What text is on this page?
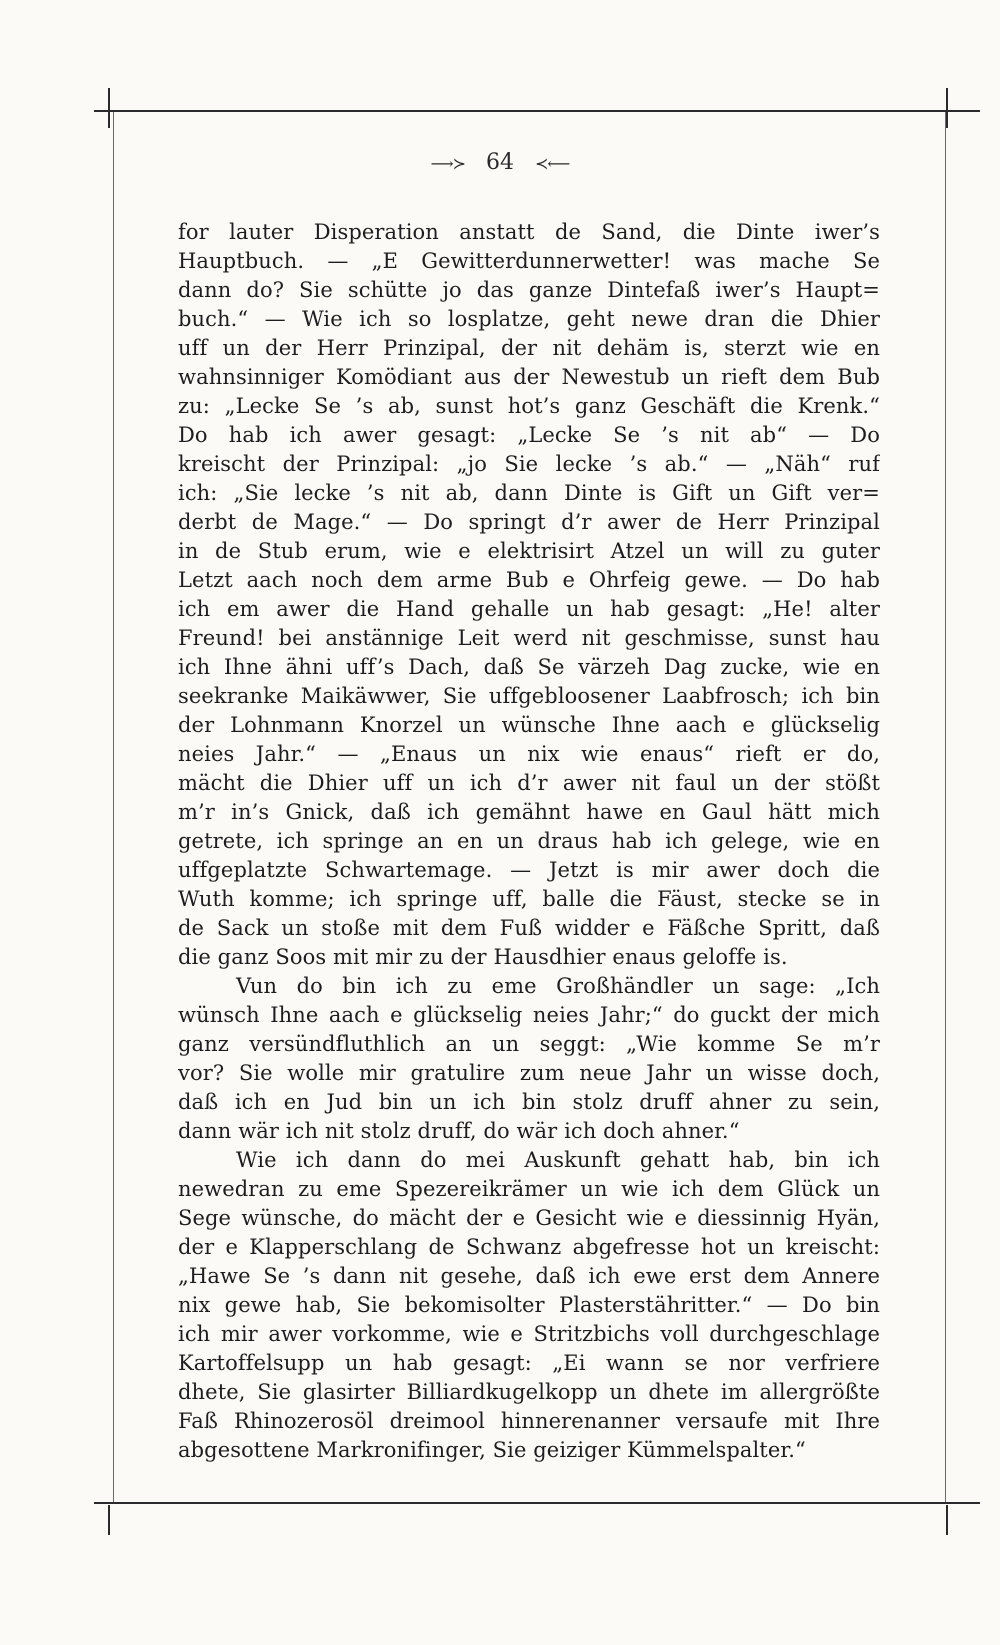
⟶≻ 64 ≺⟵
for lauter Disperation anstatt de Sand, die Dinte iwer’s
Hauptbuch. — „E Gewitterdunnerwetter! was mache Se
dann do? Sie schütte jo das ganze Dintefaß iwer’s Haupt=
buch.“ — Wie ich so losplatze, geht newe dran die Dhier
uff un der Herr Prinzipal, der nit dehäm is, sterzt wie en
wahnsinniger Komödiant aus der Newestub un rieft dem Bub
zu: „Lecke Se ’s ab, sunst hot’s ganz Geschäft die Krenk.“
Do hab ich awer gesagt: „Lecke Se ’s nit ab“ — Do
kreischt der Prinzipal: „jo Sie lecke ’s ab.“ — „Näh“ ruf
ich: „Sie lecke ’s nit ab, dann Dinte is Gift un Gift ver=
derbt de Mage.“ — Do springt d’r awer de Herr Prinzipal
in de Stub erum, wie e elektrisirt Atzel un will zu guter
Letzt aach noch dem arme Bub e Ohrfeig gewe. — Do hab
ich em awer die Hand gehalle un hab gesagt: „He! alter
Freund! bei anstännige Leit werd nit geschmisse, sunst hau
ich Ihne ähni uff’s Dach, daß Se värzeh Dag zucke, wie en
seekranke Maikäwwer, Sie uffgebloosener Laabfrosch; ich bin
der Lohnmann Knorzel un wünsche Ihne aach e glückselig
neies Jahr.“ — „Enaus un nix wie enaus“ rieft er do,
mächt die Dhier uff un ich d’r awer nit faul un der stößt
m’r in’s Gnick, daß ich gemähnt hawe en Gaul hätt mich
getrete, ich springe an en un draus hab ich gelege, wie en
uffgeplatzte Schwartemage. — Jetzt is mir awer doch die
Wuth komme; ich springe uff, balle die Fäust, stecke se in
de Sack un stoße mit dem Fuß widder e Fäßche Spritt, daß
die ganz Soos mit mir zu der Hausdhier enaus geloffe is.
Vun do bin ich zu eme Großhändler un sage: „Ich
wünsch Ihne aach e glückselig neies Jahr;“ do guckt der mich
ganz versündfluthlich an un seggt: „Wie komme Se m’r
vor? Sie wolle mir gratulire zum neue Jahr un wisse doch,
daß ich en Jud bin un ich bin stolz druff ahner zu sein,
dann wär ich nit stolz druff, do wär ich doch ahner.“
Wie ich dann do mei Auskunft gehatt hab, bin ich
newedran zu eme Spezereikrämer un wie ich dem Glück un
Sege wünsche, do mächt der e Gesicht wie e diessinnig Hyän,
der e Klapperschlang de Schwanz abgefresse hot un kreischt:
„Hawe Se ’s dann nit gesehe, daß ich ewe erst dem Annere
nix gewe hab, Sie bekomisolter Plasterstähritter.“ — Do bin
ich mir awer vorkomme, wie e Stritzbichs voll durchgeschlage
Kartoffelsupp un hab gesagt: „Ei wann se nor verfriere
dhete, Sie glasirter Billiardkugelkopp un dhete im allergrößte
Faß Rhinozerosöl dreimool hinnerenanner versaufe mit Ihre
abgesottene Markronifinger, Sie geiziger Kümmelspalter.“
